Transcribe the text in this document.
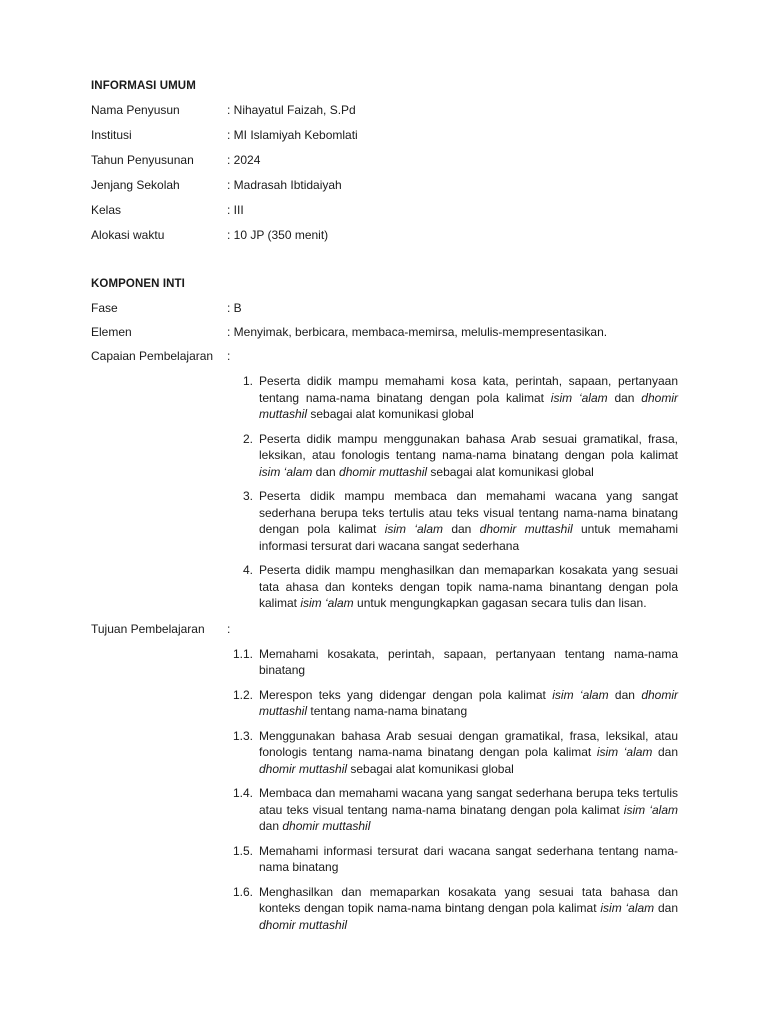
INFORMASI UMUM
Nama Penyusun	: Nihayatul Faizah, S.Pd
Institusi	: MI Islamiyah Kebomlati
Tahun Penyusunan	: 2024
Jenjang Sekolah	: Madrasah Ibtidaiyah
Kelas	: III
Alokasi waktu	: 10 JP (350 menit)
KOMPONEN INTI
Fase	: B
Elemen	: Menyimak, berbicara, membaca-memirsa, melulis-mempresentasikan.
Capaian Pembelajaran :
1. Peserta didik mampu memahami kosa kata, perintah, sapaan, pertanyaan tentang nama-nama binatang dengan pola kalimat isim ‘alam dan dhomir muttashil sebagai alat komunikasi global
2. Peserta didik mampu menggunakan bahasa Arab sesuai gramatikal, frasa, leksikan, atau fonologis tentang nama-nama binatang dengan pola kalimat isim ‘alam dan dhomir muttashil sebagai alat komunikasi global
3. Peserta didik mampu membaca dan memahami wacana yang sangat sederhana berupa teks tertulis atau teks visual tentang nama-nama binatang dengan pola kalimat isim ‘alam dan dhomir muttashil untuk memahami informasi tersurat dari wacana sangat sederhana
4. Peserta didik mampu menghasilkan dan memaparkan kosakata yang sesuai tata ahasa dan konteks dengan topik nama-nama binantang dengan pola kalimat isim ‘alam untuk mengungkapkan gagasan secara tulis dan lisan.
Tujuan Pembelajaran :
1.1. Memahami kosakata, perintah, sapaan, pertanyaan tentang nama-nama binatang
1.2. Merespon teks yang didengar dengan pola kalimat isim ‘alam dan dhomir muttashil tentang nama-nama binatang
1.3. Menggunakan bahasa Arab sesuai dengan gramatikal, frasa, leksikal, atau fonologis tentang nama-nama binatang dengan pola kalimat isim ‘alam dan dhomir muttashil sebagai alat komunikasi global
1.4. Membaca dan memahami wacana yang sangat sederhana berupa teks tertulis atau teks visual tentang nama-nama binatang dengan pola kalimat isim ‘alam dan dhomir muttashil
1.5. Memahami informasi tersurat dari wacana sangat sederhana tentang nama-nama binatang
1.6. Menghasilkan dan memaparkan kosakata yang sesuai tata bahasa dan konteks dengan topik nama-nama bintang dengan pola kalimat isim ‘alam dan dhomir muttashil
